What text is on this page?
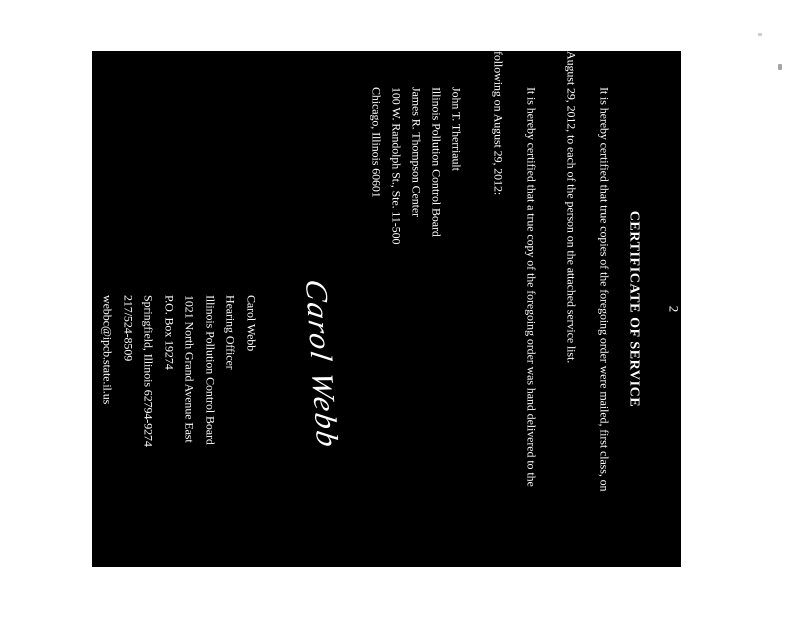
2
CERTIFICATE OF SERVICE
It is hereby certified that true copies of the foregoing order were mailed, first class, on
August 29, 2012, to each of the person on the attached service list.
It is hereby certified that a true copy of the foregoing order was hand delivered to the
following on August 29, 2012:
John T. Therriault
Illinois Pollution Control Board
James R. Thompson Center
100 W. Randolph St., Ste. 11-500
Chicago, Illinois 60601
Carol Webb
Carol Webb
Hearing Officer
Illinois Pollution Control Board
1021 North Grand Avenue East
P.O. Box 19274
Springfield, Illinois 62794-9274
217/524-8509
webbc@ipcb.state.il.us
